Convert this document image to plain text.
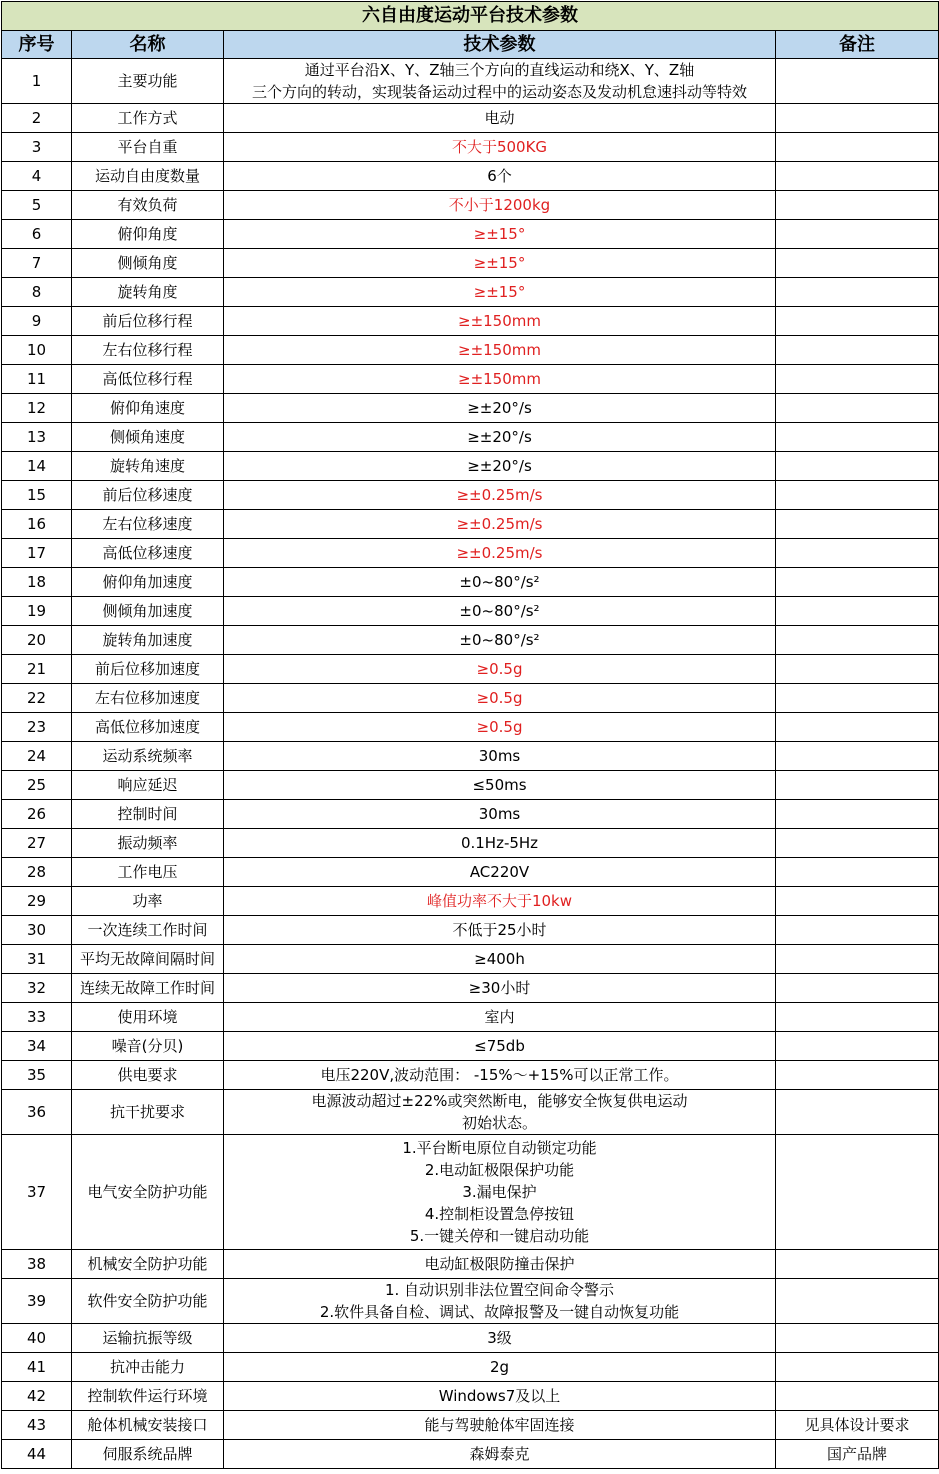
六自由度运动平台技术参数			
序号	名称	技术参数	备注
1	主要功能	通过平台沿X、Y、Z轴三个方向的直线运动和绕X、Y、Z轴
三个方向的转动，实现装备运动过程中的运动姿态及发动机怠速抖动等特效	
2	工作方式	电动	
3	平台自重	不大于500KG	
4	运动自由度数量	6个	
5	有效负荷	不小于1200kg	
6	俯仰角度	≥±15°	
7	侧倾角度	≥±15°	
8	旋转角度	≥±15°	
9	前后位移行程	≥±150mm	
10	左右位移行程	≥±150mm	
11	高低位移行程	≥±150mm	
12	俯仰角速度	≥±20°/s	
13	侧倾角速度	≥±20°/s	
14	旋转角速度	≥±20°/s	
15	前后位移速度	≥±0.25m/s	
16	左右位移速度	≥±0.25m/s	
17	高低位移速度	≥±0.25m/s	
18	俯仰角加速度	±0~80°/s²	
19	侧倾角加速度	±0~80°/s²	
20	旋转角加速度	±0~80°/s²	
21	前后位移加速度	≥0.5g	
22	左右位移加速度	≥0.5g	
23	高低位移加速度	≥0.5g	
24	运动系统频率	30ms	
25	响应延迟	≤50ms	
26	控制时间	30ms	
27	振动频率	0.1Hz-5Hz	
28	工作电压	AC220V	
29	功率	峰值功率不大于10kw	
30	一次连续工作时间	不低于25小时	
31	平均无故障间隔时间	≥400h	
32	连续无故障工作时间	≥30小时	
33	使用环境	室内	
34	噪音(分贝)	≤75db	
35	供电要求	电压220V,波动范围： -15%～+15%可以正常工作。	
36	抗干扰要求	电源波动超过±22%或突然断电，能够安全恢复供电运动
初始状态。	
37	电气安全防护功能	1.平台断电原位自动锁定功能
2.电动缸极限保护功能
3.漏电保护
4.控制柜设置急停按钮
5.一键关停和一键启动功能	
38	机械安全防护功能	电动缸极限防撞击保护	
39	软件安全防护功能	1. 自动识别非法位置空间命令警示
2.软件具备自检、调试、故障报警及一键自动恢复功能	
40	运输抗振等级	3级	
41	抗冲击能力	2g	
42	控制软件运行环境	Windows7及以上	
43	舱体机械安装接口	能与驾驶舱体牢固连接	见具体设计要求
44	伺服系统品牌	森姆泰克	国产品牌
